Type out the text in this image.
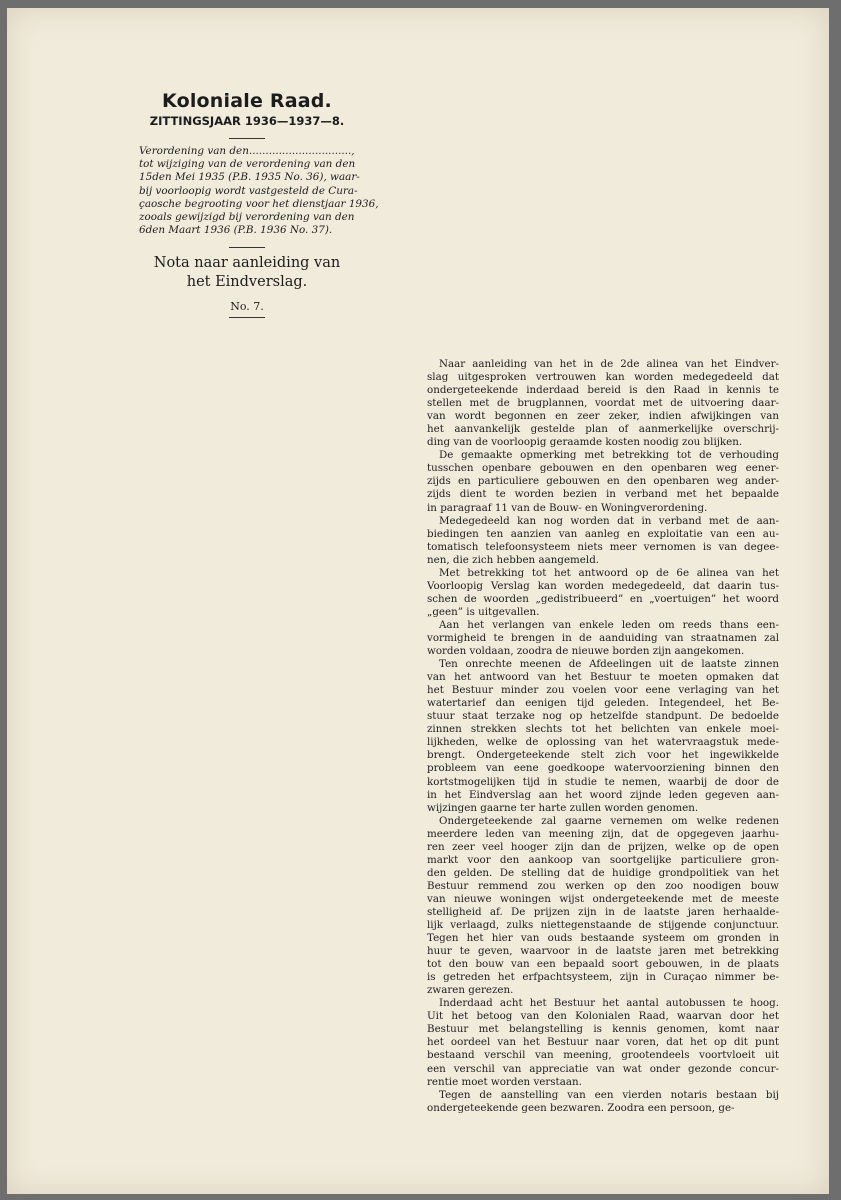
Koloniale Raad.
ZITTINGSJAAR 1936—1937—8.
Verordening van den...............................,
tot wijziging van de verordening van den
15den Mei 1935 (P.B. 1935 No. 36), waar-
bij voorloopig wordt vastgesteld de Cura-
çaosche begrooting voor het dienstjaar 1936,
zooals gewijzigd bij verordening van den
6den Maart 1936 (P.B. 1936 No. 37).
Nota naar aanleiding van
het Eindverslag.
No. 7.
Naar aanleiding van het in de 2de alinea van het Eindver-
slag uitgesproken vertrouwen kan worden medegedeeld dat
ondergeteekende inderdaad bereid is den Raad in kennis te
stellen met de brugplannen, voordat met de uitvoering daar-
van wordt begonnen en zeer zeker, indien afwijkingen van
het aanvankelijk gestelde plan of aanmerkelijke overschrij-
ding van de voorloopig geraamde kosten noodig zou blijken.
De gemaakte opmerking met betrekking tot de verhouding
tusschen openbare gebouwen en den openbaren weg eener-
zijds en particuliere gebouwen en den openbaren weg ander-
zijds dient te worden bezien in verband met het bepaalde
in paragraaf 11 van de Bouw- en Woningverordening.
Medegedeeld kan nog worden dat in verband met de aan-
biedingen ten aanzien van aanleg en exploitatie van een au-
tomatisch telefoonsysteem niets meer vernomen is van degee-
nen, die zich hebben aangemeld.
Met betrekking tot het antwoord op de 6e alinea van het
Voorloopig Verslag kan worden medegedeeld, dat daarin tus-
schen de woorden „gedistribueerd” en „voertuigen” het woord
„geen” is uitgevallen.
Aan het verlangen van enkele leden om reeds thans een-
vormigheid te brengen in de aanduiding van straatnamen zal
worden voldaan, zoodra de nieuwe borden zijn aangekomen.
Ten onrechte meenen de Afdeelingen uit de laatste zinnen
van het antwoord van het Bestuur te moeten opmaken dat
het Bestuur minder zou voelen voor eene verlaging van het
watertarief dan eenigen tijd geleden. Integendeel, het Be-
stuur staat terzake nog op hetzelfde standpunt. De bedoelde
zinnen strekken slechts tot het belichten van enkele moei-
lijkheden, welke de oplossing van het watervraagstuk mede-
brengt. Ondergeteekende stelt zich voor het ingewikkelde
probleem van eene goedkoope watervoorziening binnen den
kortstmogelijken tijd in studie te nemen, waarbij de door de
in het Eindverslag aan het woord zijnde leden gegeven aan-
wijzingen gaarne ter harte zullen worden genomen.
Ondergeteekende zal gaarne vernemen om welke redenen
meerdere leden van meening zijn, dat de opgegeven jaarhu-
ren zeer veel hooger zijn dan de prijzen, welke op de open
markt voor den aankoop van soortgelijke particuliere gron-
den gelden. De stelling dat de huidige grondpolitiek van het
Bestuur remmend zou werken op den zoo noodigen bouw
van nieuwe woningen wijst ondergeteekende met de meeste
stelligheid af. De prijzen zijn in de laatste jaren herhaalde-
lijk verlaagd, zulks niettegenstaande de stijgende conjunctuur.
Tegen het hier van ouds bestaande systeem om gronden in
huur te geven, waarvoor in de laatste jaren met betrekking
tot den bouw van een bepaald soort gebouwen, in de plaats
is getreden het erfpachtsysteem, zijn in Curaçao nimmer be-
zwaren gerezen.
Inderdaad acht het Bestuur het aantal autobussen te hoog.
Uit het betoog van den Kolonialen Raad, waarvan door het
Bestuur met belangstelling is kennis genomen, komt naar
het oordeel van het Bestuur naar voren, dat het op dit punt
bestaand verschil van meening, grootendeels voortvloeit uit
een verschil van appreciatie van wat onder gezonde concur-
rentie moet worden verstaan.
Tegen de aanstelling van een vierden notaris bestaan bij
ondergeteekende geen bezwaren. Zoodra een persoon, ge-
